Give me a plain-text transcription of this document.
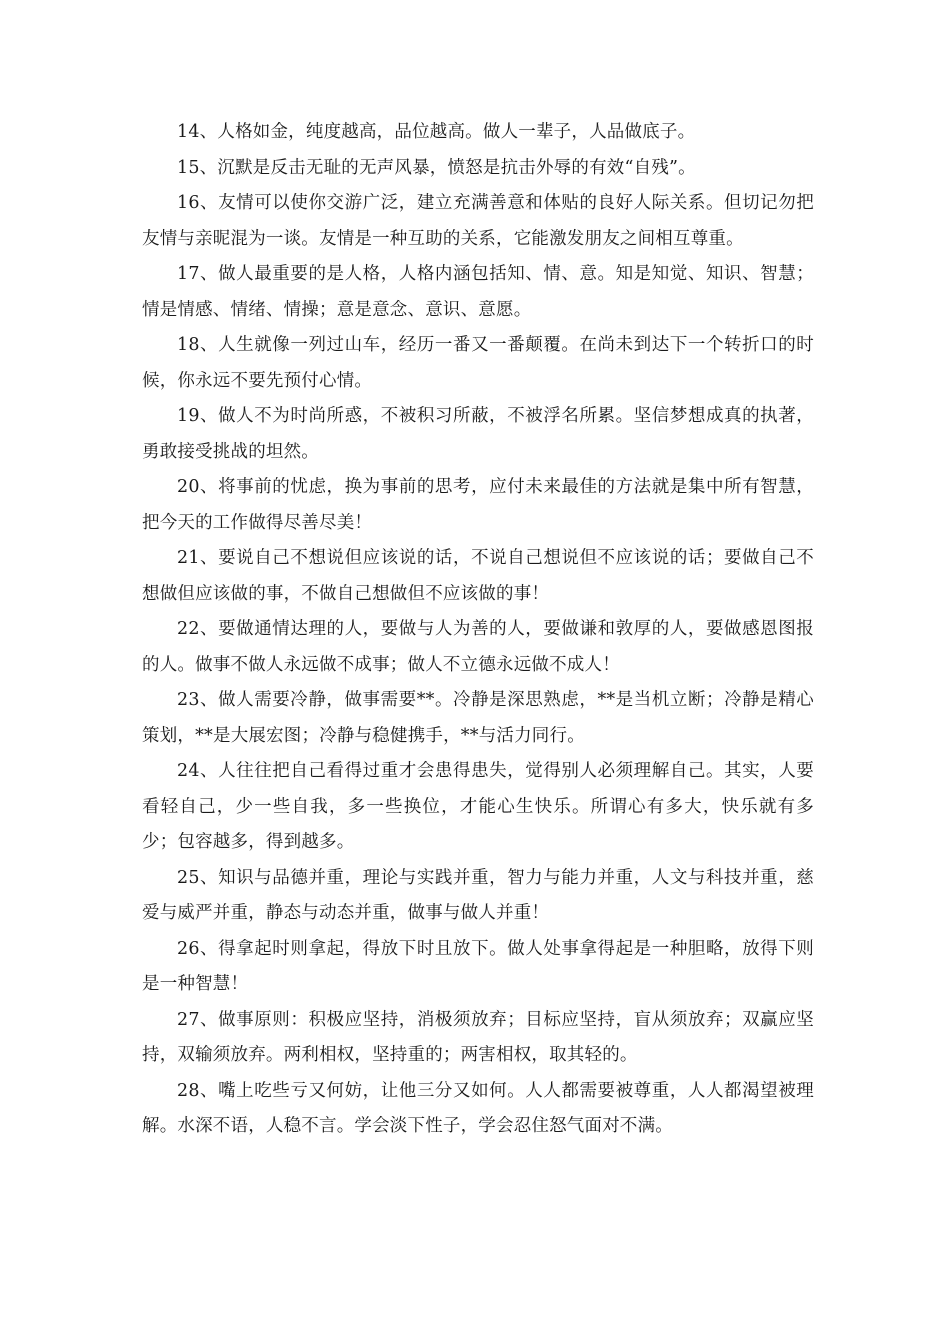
14、人格如金，纯度越高，品位越高。做人一辈子，人品做底子。

15、沉默是反击无耻的无声风暴，愤怒是抗击外辱的有效“自残”。

16、友情可以使你交游广泛，建立充满善意和体贴的良好人际关系。但切记勿把友情与亲昵混为一谈。友情是一种互助的关系，它能激发朋友之间相互尊重。

17、做人最重要的是人格，人格内涵包括知、情、意。知是知觉、知识、智慧；情是情感、情绪、情操；意是意念、意识、意愿。

18、人生就像一列过山车，经历一番又一番颠覆。在尚未到达下一个转折口的时候，你永远不要先预付心情。

19、做人不为时尚所惑，不被积习所蔽，不被浮名所累。坚信梦想成真的执著，勇敢接受挑战的坦然。

20、将事前的忧虑，换为事前的思考，应付未来最佳的方法就是集中所有智慧，把今天的工作做得尽善尽美！

21、要说自己不想说但应该说的话，不说自己想说但不应该说的话；要做自己不想做但应该做的事，不做自己想做但不应该做的事！

22、要做通情达理的人，要做与人为善的人，要做谦和敦厚的人，要做感恩图报的人。做事不做人永远做不成事；做人不立德永远做不成人！

23、做人需要冷静，做事需要**。冷静是深思熟虑，**是当机立断；冷静是精心策划，**是大展宏图；冷静与稳健携手，**与活力同行。

24、人往往把自己看得过重才会患得患失，觉得别人必须理解自己。其实，人要看轻自己，少一些自我，多一些换位，才能心生快乐。所谓心有多大，快乐就有多少；包容越多，得到越多。

25、知识与品德并重，理论与实践并重，智力与能力并重，人文与科技并重，慈爱与威严并重，静态与动态并重，做事与做人并重！

26、得拿起时则拿起，得放下时且放下。做人处事拿得起是一种胆略，放得下则是一种智慧！

27、做事原则：积极应坚持，消极须放弃；目标应坚持，盲从须放弃；双赢应坚持，双输须放弃。两利相权，坚持重的；两害相权，取其轻的。

28、嘴上吃些亏又何妨，让他三分又如何。人人都需要被尊重，人人都渴望被理解。水深不语，人稳不言。学会淡下性子，学会忍住怒气面对不满。
